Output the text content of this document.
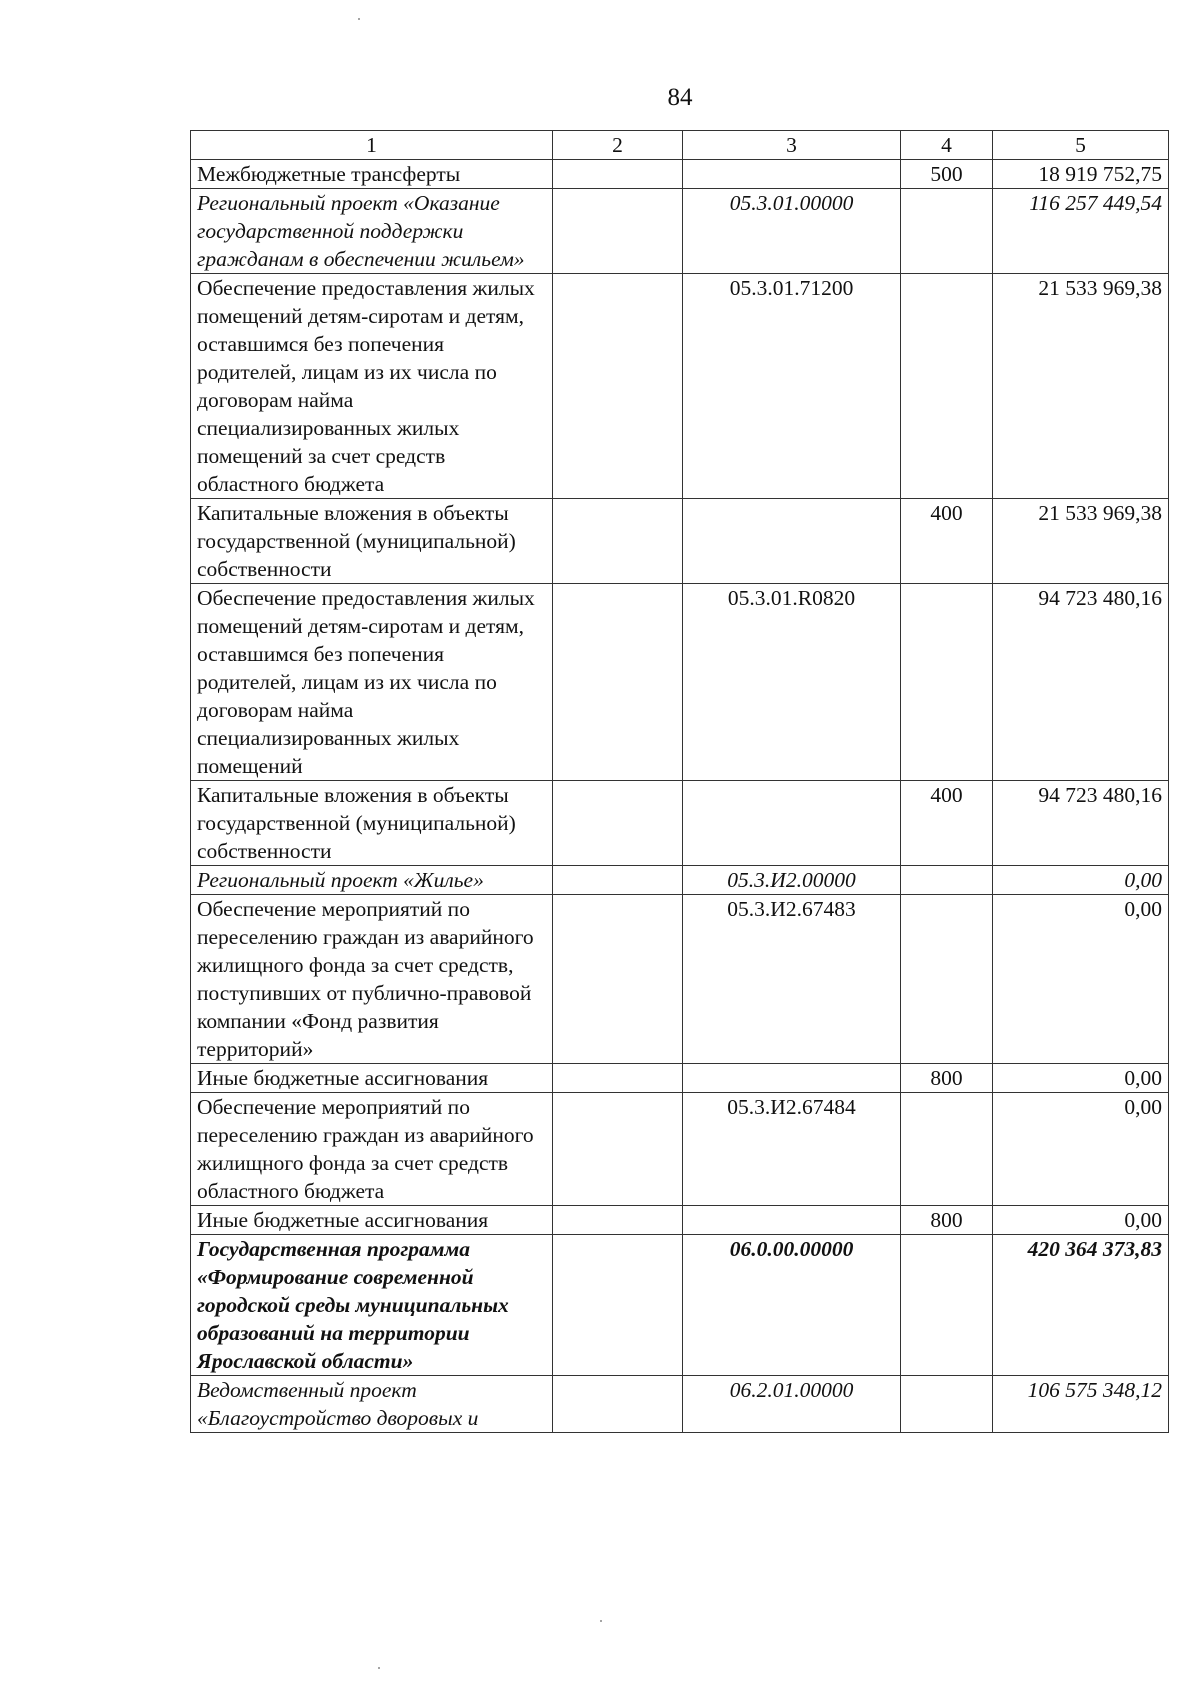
84
1	2	3	4	5
Межбюджетные трансферты			500	18 919 752,75
Региональный проект «Оказание государственной поддержки гражданам в обеспечении жильем»		05.3.01.00000		116 257 449,54
Обеспечение предоставления жилых помещений детям-сиротам и детям, оставшимся без попечения родителей, лицам из их числа по договорам найма специализированных жилых помещений за счет средств областного бюджета		05.3.01.71200		21 533 969,38
Капитальные вложения в объекты государственной (муниципальной) собственности			400	21 533 969,38
Обеспечение предоставления жилых помещений детям-сиротам и детям, оставшимся без попечения родителей, лицам из их числа по договорам найма специализированных жилых помещений		05.3.01.R0820		94 723 480,16
Капитальные вложения в объекты государственной (муниципальной) собственности			400	94 723 480,16
Региональный проект «Жилье»		05.3.И2.00000		0,00
Обеспечение мероприятий по переселению граждан из аварийного жилищного фонда за счет средств, поступивших от публично-правовой компании «Фонд развития территорий»		05.3.И2.67483		0,00
Иные бюджетные ассигнования			800	0,00
Обеспечение мероприятий по переселению граждан из аварийного жилищного фонда за счет средств областного бюджета		05.3.И2.67484		0,00
Иные бюджетные ассигнования			800	0,00
Государственная программа «Формирование современной городской среды муниципальных образований на территории Ярославской области»		06.0.00.00000		420 364 373,83
Ведомственный проект «Благоустройство дворовых и		06.2.01.00000		106 575 348,12
